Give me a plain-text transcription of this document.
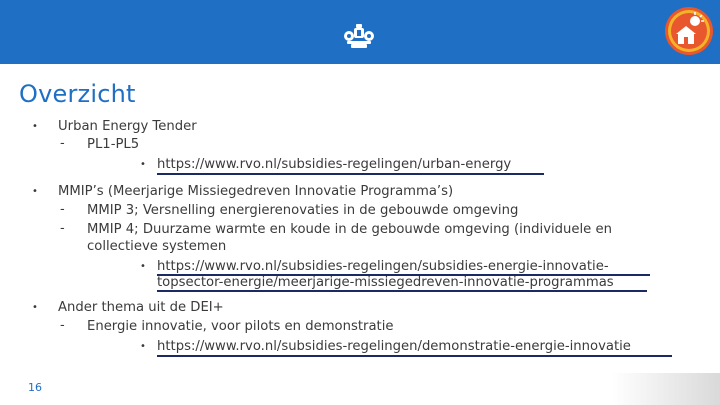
Overzicht
• Urban Energy Tender
- PL1-PL5
• https://www.rvo.nl/subsidies-regelingen/urban-energy
• MMIP’s (Meerjarige Missiegedreven Innovatie Programma’s)
- MMIP 3; Versnelling energierenovaties in de gebouwde omgeving
- MMIP 4; Duurzame warmte en koude in de gebouwde omgeving (individuele en
collectieve systemen
• https://www.rvo.nl/subsidies-regelingen/subsidies-energie-innovatie-
topsector-energie/meerjarige-missiegedreven-innovatie-programmas
• Ander thema uit de DEI+
- Energie innovatie, voor pilots en demonstratie
• https://www.rvo.nl/subsidies-regelingen/demonstratie-energie-innovatie
16
